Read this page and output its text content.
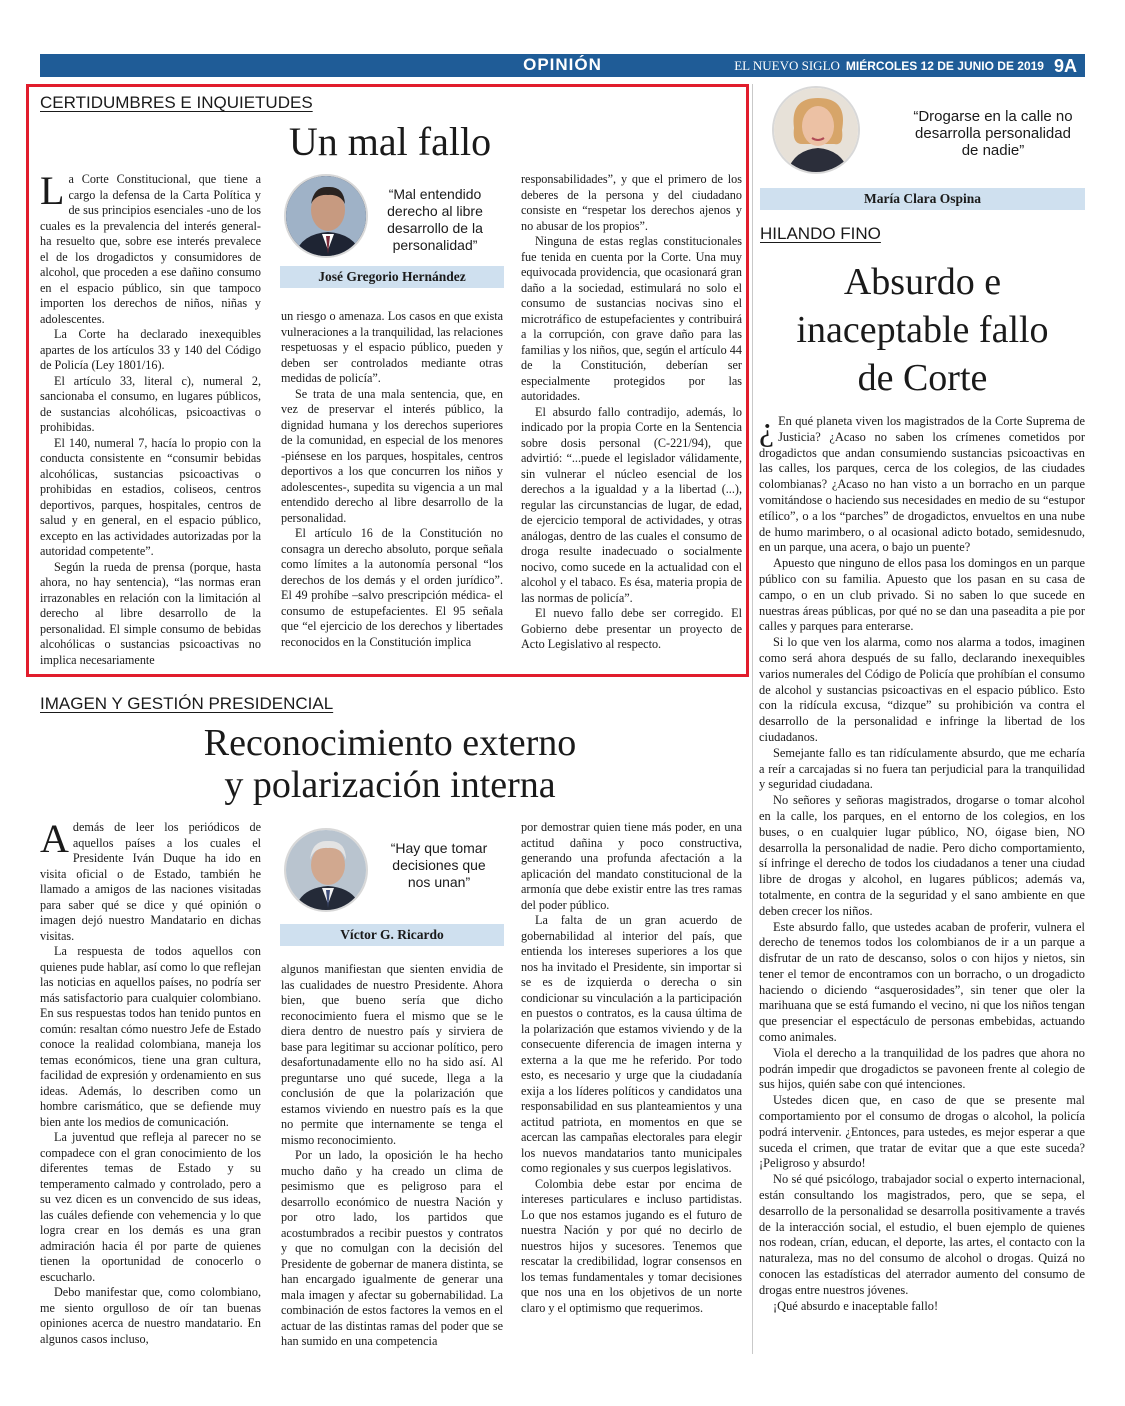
OPINIÓN	EL NUEVO SIGLO MIÉRCOLES 12 DE JUNIO DE 2019 9A
CERTIDUMBRES E INQUIETUDES
Un mal fallo

La Corte Constitucional, que tiene a cargo la defensa de la Carta Política y de sus principios esenciales -uno de los cuales es la prevalencia del interés general- ha resuelto que, sobre ese interés prevalece el de los drogadictos y consumidores de alcohol, que proceden a ese dañino consumo en el espacio público, sin que tampoco importen los derechos de niños, niñas y adolescentes.

La Corte ha declarado inexequibles apartes de los artículos 33 y 140 del Código de Policía (Ley 1801/16).

El artículo 33, literal c), numeral 2, sancionaba el consumo, en lugares públicos, de sustancias alcohólicas, psicoactivas o prohibidas.

El 140, numeral 7, hacía lo propio con la conducta consistente en “consumir bebidas alcohólicas, sustancias psicoactivas o prohibidas en estadios, coliseos, centros deportivos, parques, hospitales, centros de salud y en general, en el espacio público, excepto en las actividades autorizadas por la autoridad competente”.

Según la rueda de prensa (porque, hasta ahora, no hay sentencia), “las normas eran irrazonables en relación con la limitación al derecho al libre desarrollo de la personalidad. El simple consumo de bebidas alcohólicas o sustancias psicoactivas no implica necesariamente

“Mal entendido derecho al libre desarrollo de la personalidad”
José Gregorio Hernández

un riesgo o amenaza. Los casos en que exista vulneraciones a la tranquilidad, las relaciones respetuosas y el espacio público, pueden y deben ser controlados mediante otras medidas de policía”.

Se trata de una mala sentencia, que, en vez de preservar el interés público, la dignidad humana y los derechos superiores de la comunidad, en especial de los menores -piénsese en los parques, hospitales, centros deportivos a los que concurren los niños y adolescentes-, supedita su vigencia a un mal entendido derecho al libre desarrollo de la personalidad.

El artículo 16 de la Constitución no consagra un derecho absoluto, porque señala como límites a la autonomía personal “los derechos de los demás y el orden jurídico”. El 49 prohíbe –salvo prescripción médica- el consumo de estupefacientes. El 95 señala que “el ejercicio de los derechos y libertades reconocidos en la Constitución implica

responsabilidades”, y que el primero de los deberes de la persona y del ciudadano consiste en “respetar los derechos ajenos y no abusar de los propios”.

Ninguna de estas reglas constitucionales fue tenida en cuenta por la Corte. Una muy equivocada providencia, que ocasionará gran daño a la sociedad, estimulará no solo el consumo de sustancias nocivas sino el microtráfico de estupefacientes y contribuirá a la corrupción, con grave daño para las familias y los niños, que, según el artículo 44 de la Constitución, deberían ser especialmente protegidos por las autoridades.

El absurdo fallo contradijo, además, lo indicado por la propia Corte en la Sentencia sobre dosis personal (C-221/94), que advirtió: “...puede el legislador válidamente, sin vulnerar el núcleo esencial de los derechos a la igualdad y a la libertad (...), regular las circunstancias de lugar, de edad, de ejercicio temporal de actividades, y otras análogas, dentro de las cuales el consumo de droga resulte inadecuado o socialmente nocivo, como sucede en la actualidad con el alcohol y el tabaco. Es ésa, materia propia de las normas de policía”.

El nuevo fallo debe ser corregido. El Gobierno debe presentar un proyecto de Acto Legislativo al respecto.

“Drogarse en la calle no desarrolla personalidad de nadie”
María Clara Ospina
HILANDO FINO
Absurdo e
inaceptable fallo
de Corte

¿ En qué planeta viven los magistrados de la Corte Suprema de Justicia? ¿Acaso no saben los crímenes cometidos por drogadictos que andan consumiendo sustancias psicoactivas en las calles, los parques, cerca de los colegios, de las ciudades colombianas? ¿Acaso no han visto a un borracho en un parque vomitándose o haciendo sus necesidades en medio de su “estupor etílico”, o a los “parches” de drogadictos, envueltos en una nube de humo marimbero, o al ocasional adicto botado, semidesnudo, en un parque, una acera, o bajo un puente?

Apuesto que ninguno de ellos pasa los domingos en un parque público con su familia. Apuesto que los pasan en su casa de campo, o en un club privado. Si no saben lo que sucede en nuestras áreas públicas, por qué no se dan una paseadita a pie por calles y parques para enterarse.

Si lo que ven los alarma, como nos alarma a todos, imaginen como será ahora después de su fallo, declarando inexequibles varios numerales del Código de Policía que prohíbían el consumo de alcohol y sustancias psicoactivas en el espacio público. Esto con la ridícula excusa, “dizque” su prohibición va contra el desarrollo de la personalidad e infringe la libertad de los ciudadanos.

Semejante fallo es tan ridículamente absurdo, que me echaría a reír a carcajadas si no fuera tan perjudicial para la tranquilidad y seguridad ciudadana.

No señores y señoras magistrados, drogarse o tomar alcohol en la calle, los parques, en el entorno de los colegios, en los buses, o en cualquier lugar público, NO, óigase bien, NO desarrolla la personalidad de nadie. Pero dicho comportamiento, sí infringe el derecho de todos los ciudadanos a tener una ciudad libre de drogas y alcohol, en lugares públicos; además va, totalmente, en contra de la seguridad y el sano ambiente en que deben crecer los niños.

Este absurdo fallo, que ustedes acaban de proferir, vulnera el derecho de tenemos todos los colombianos de ir a un parque a disfrutar de un rato de descanso, solos o con hijos y nietos, sin tener el temor de encontramos con un borracho, o un drogadicto haciendo o diciendo “asquerosidades”, sin tener que oler la marihuana que se está fumando el vecino, ni que los niños tengan que presenciar el espectáculo de personas embebidas, actuando como animales.

Viola el derecho a la tranquilidad de los padres que ahora no podrán impedir que drogadictos se pavoneen frente al colegio de sus hijos, quién sabe con qué intenciones.

Ustedes dicen que, en caso de que se presente mal comportamiento por el consumo de drogas o alcohol, la policía podrá intervenir. ¿Entonces, para ustedes, es mejor esperar a que suceda el crimen, que tratar de evitar que a que este suceda? ¡Peligroso y absurdo!

No sé qué psicólogo, trabajador social o experto internacional, están consultando los magistrados, pero, que se sepa, el desarrollo de la personalidad se desarrolla positivamente a través de la interacción social, el estudio, el buen ejemplo de quienes nos rodean, crían, educan, el deporte, las artes, el contacto con la naturaleza, mas no del consumo de alcohol o drogas. Quizá no conocen las estadísticas del aterrador aumento del consumo de drogas entre nuestros jóvenes.

¡Qué absurdo e inaceptable fallo!

IMAGEN Y GESTIÓN PRESIDENCIAL
Reconocimiento externo
y polarización interna

Además de leer los periódicos de aquellos países a los cuales el Presidente Iván Duque ha ido en visita oficial o de Estado, también he llamado a amigos de las naciones visitadas para saber qué se dice y qué opinión o imagen dejó nuestro Mandatario en dichas visitas.

La respuesta de todos aquellos con quienes pude hablar, así como lo que reflejan las noticias en aquellos países, no podría ser más satisfactorio para cualquier colombiano. En sus respuestas todos han tenido puntos en común: resaltan cómo nuestro Jefe de Estado conoce la realidad colombiana, maneja los temas económicos, tiene una gran cultura, facilidad de expresión y ordenamiento en sus ideas. Además, lo describen como un hombre carismático, que se defiende muy bien ante los medios de comunicación.

La juventud que refleja al parecer no se compadece con el gran conocimiento de los diferentes temas de Estado y su temperamento calmado y controlado, pero a su vez dicen es un convencido de sus ideas, las cuáles defiende con vehemencia y lo que logra crear en los demás es una gran admiración hacia él por parte de quienes tienen la oportunidad de conocerlo o escucharlo.

Debo manifestar que, como colombiano, me siento orgulloso de oír tan buenas opiniones acerca de nuestro mandatario. En algunos casos incluso,

“Hay que tomar decisiones que nos unan”
Víctor G. Ricardo

algunos manifiestan que sienten envidia de las cualidades de nuestro Presidente. Ahora bien, que bueno sería que dicho reconocimiento fuera el mismo que se le diera dentro de nuestro país y sirviera de base para legitimar su accionar político, pero desafortunadamente ello no ha sido así. Al preguntarse uno qué sucede, llega a la conclusión de que la polarización que estamos viviendo en nuestro país es la que no permite que internamente se tenga el mismo reconocimiento.

Por un lado, la oposición le ha hecho mucho daño y ha creado un clima de pesimismo que es peligroso para el desarrollo económico de nuestra Nación y por otro lado, los partidos que acostumbrados a recibir puestos y contratos y que no comulgan con la decisión del Presidente de gobernar de manera distinta, se han encargado igualmente de generar una mala imagen y afectar su gobernabilidad. La combinación de estos factores la vemos en el actuar de las distintas ramas del poder que se han sumido en una competencia

por demostrar quien tiene más poder, en una actitud dañina y poco constructiva, generando una profunda afectación a la aplicación del mandato constitucional de la armonía que debe existir entre las tres ramas del poder público.

La falta de un gran acuerdo de gobernabilidad al interior del país, que entienda los intereses superiores a los que nos ha invitado el Presidente, sin importar si se es de izquierda o derecha o sin condicionar su vinculación a la participación en puestos o contratos, es la causa última de la polarización que estamos viviendo y de la consecuente diferencia de imagen interna y externa a la que me he referido. Por todo esto, es necesario y urge que la ciudadanía exija a los líderes políticos y candidatos una responsabilidad en sus planteamientos y una actitud patriota, en momentos en que se acercan las campañas electorales para elegir los nuevos mandatarios tanto municipales como regionales y sus cuerpos legislativos.

Colombia debe estar por encima de intereses particulares e incluso partidistas. Lo que nos estamos jugando es el futuro de nuestra Nación y por qué no decirlo de nuestros hijos y sucesores. Tenemos que rescatar la credibilidad, lograr consensos en los temas fundamentales y tomar decisiones que nos una en los objetivos de un norte claro y el optimismo que requerimos.
